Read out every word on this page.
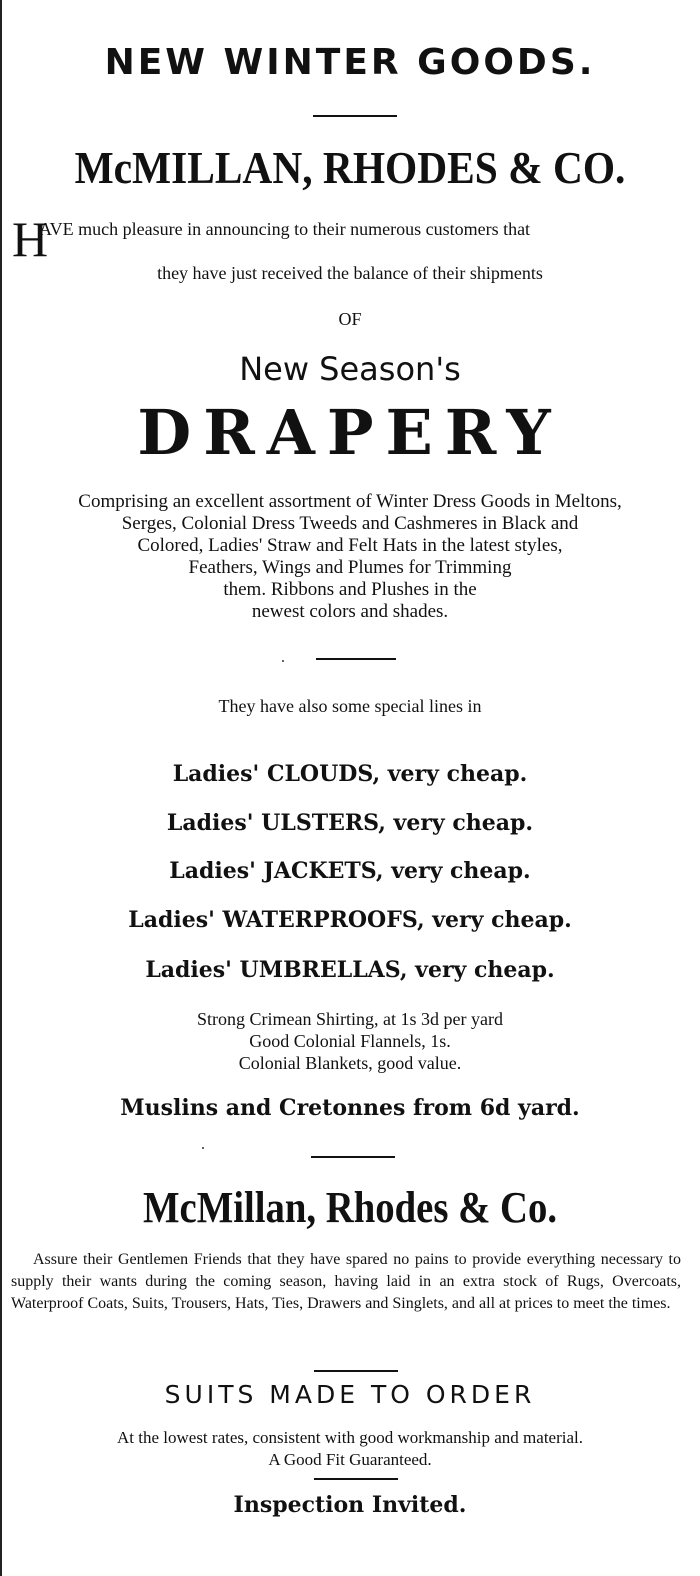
NEW WINTER GOODS.
McMILLAN, RHODES & CO.
H
AVE much pleasure in announcing to their numerous customers that
they have just received the balance of their shipments
OF
New Season's
DRAPERY
Comprising an excellent assortment of Winter Dress Goods in Meltons,
Serges, Colonial Dress Tweeds and Cashmeres in Black and
Colored, Ladies' Straw and Felt Hats in the latest styles,
Feathers, Wings and Plumes for Trimming
them. Ribbons and Plushes in the
newest colors and shades.
They have also some special lines in
Ladies' CLOUDS, very cheap.
Ladies' ULSTERS, very cheap.
Ladies' JACKETS, very cheap.
Ladies' WATERPROOFS, very cheap.
Ladies' UMBRELLAS, very cheap.
Strong Crimean Shirting, at 1s 3d per yard
Good Colonial Flannels, 1s.
Colonial Blankets, good value.
Muslins and Cretonnes from 6d yard.
McMillan, Rhodes & Co.
Assure their Gentlemen Friends that they have spared no pains to provide everything necessary to supply their wants during the coming season, having laid in an extra stock of Rugs, Overcoats, Waterproof Coats, Suits, Trousers, Hats, Ties, Drawers and Singlets, and all at prices to meet the times.
SUITS MADE TO ORDER
At the lowest rates, consistent with good workmanship and material.
A Good Fit Guaranteed.
Inspection Invited.
